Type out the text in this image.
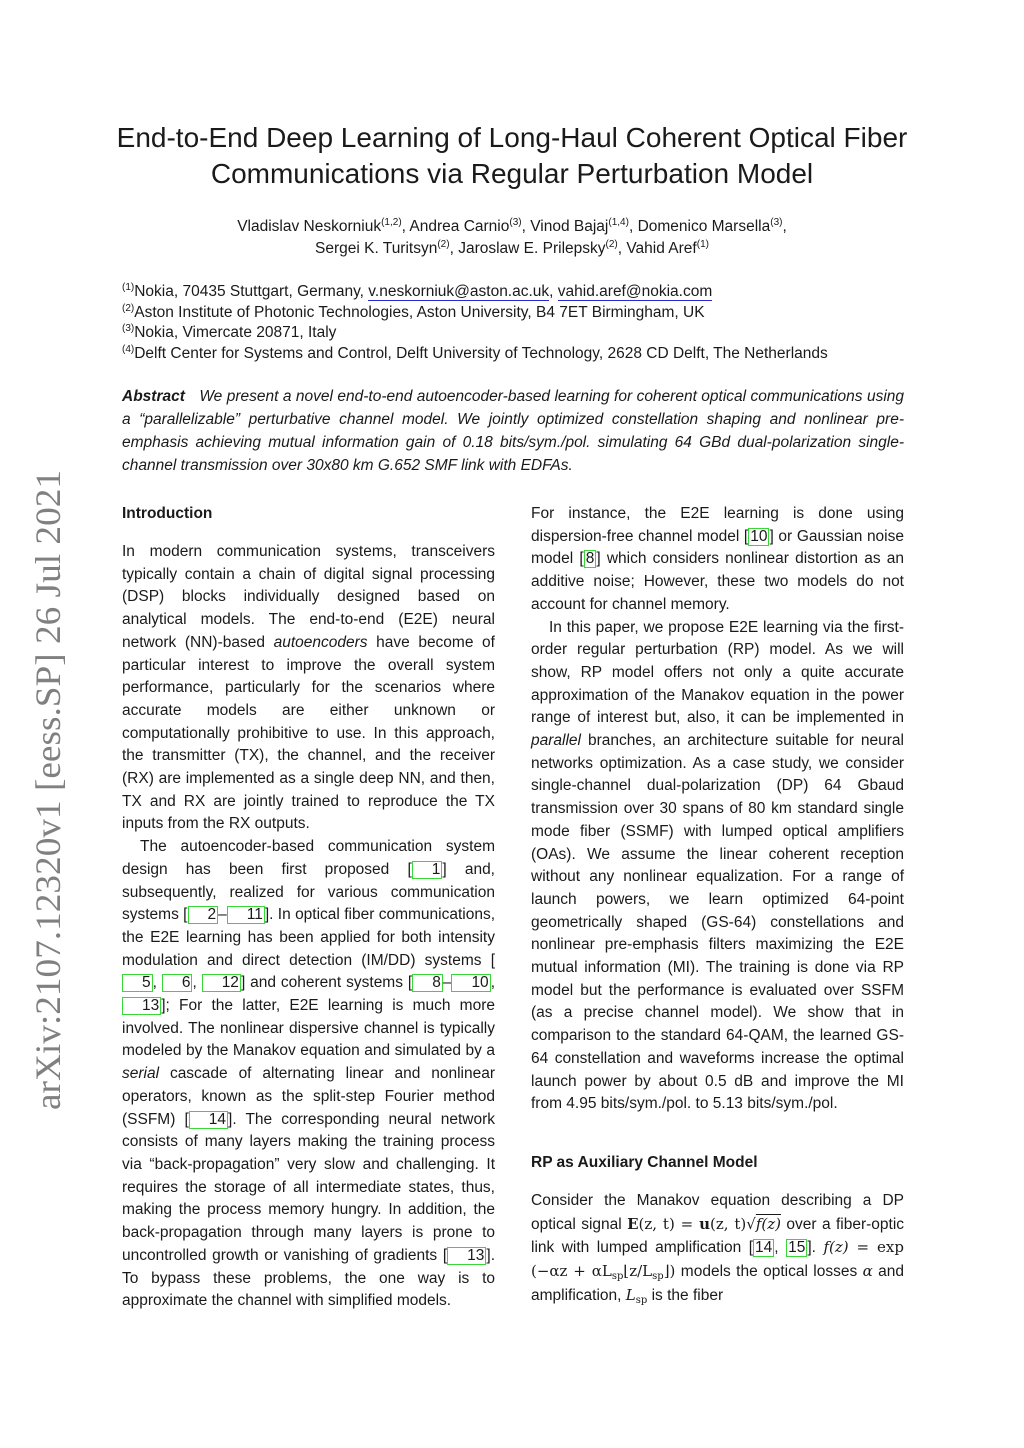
arXiv:2107.12320v1 [eess.SP] 26 Jul 2021
End-to-End Deep Learning of Long-Haul Coherent Optical Fiber
Communications via Regular Perturbation Model
Vladislav Neskorniuk$^{(1,2)}$, Andrea Carnio$^{(3)}$, Vinod Bajaj$^{(1,4)}$, Domenico Marsella$^{(3)}$,
Sergei K. Turitsyn$^{(2)}$, Jaroslaw E. Prilepsky$^{(2)}$, Vahid Aref$^{(1)}$
$^{(1)}$Nokia, 70435 Stuttgart, Germany, v.neskorniuk@aston.ac.uk, vahid.aref@nokia.com
$^{(2)}$Aston Institute of Photonic Technologies, Aston University, B4 7ET Birmingham, UK
$^{(3)}$Nokia, Vimercate 20871, Italy
$^{(4)}$Delft Center for Systems and Control, Delft University of Technology, 2628 CD Delft, The Netherlands
Abstract We present a novel end-to-end autoencoder-based learning for coherent optical communications using a “parallelizable” perturbative channel model. We jointly optimized constellation shaping and nonlinear pre-emphasis achieving mutual information gain of 0.18 bits/sym./pol. simulating 64 GBd dual-polarization single-channel transmission over 30x80 km G.652 SMF link with EDFAs.
Introduction

In modern communication systems, transceivers typically contain a chain of digital signal processing (DSP) blocks individually designed based on analytical models. The end-to-end (E2E) neural network (NN)-based autoencoders have become of particular interest to improve the overall system performance, particularly for the scenarios where accurate models are either unknown or computationally prohibitive to use. In this approach, the transmitter (TX), the channel, and the receiver (RX) are implemented as a single deep NN, and then, TX and RX are jointly trained to reproduce the TX inputs from the RX outputs.

The autoencoder-based communication system design has been first proposed [ 1 ] and, subsequently, realized for various communication systems [ 2 – 11 ]. In optical fiber communications, the E2E learning has been applied for both intensity modulation and direct detection (IM/DD) systems [5 , 6 , 12 ] and coherent systems [ 8 – 10 , 13 ]; For the latter, E2E learning is much more involved. The nonlinear dispersive channel is typically modeled by the Manakov equation and simulated by a serial cascade of alternating linear and nonlinear operators, known as the split-step Fourier method (SSFM) [ 14 ]. The corresponding neural network consists of many layers making the training process via “back-propagation” very slow and challenging. It requires the storage of all intermediate states, thus, making the process memory hungry. In addition, the back-propagation through many layers is prone to uncontrolled growth or vanishing of gradients [ 13 ]. To bypass these problems, the one way is to approximate the channel with simplified models.

For instance, the E2E learning is done using dispersion-free channel model [ 10 ] or Gaussian noise model [ 8 ] which considers nonlinear distortion as an additive noise; However, these two models do not account for channel memory.

In this paper, we propose E2E learning via the first-order regular perturbation (RP) model. As we will show, RP model offers not only a quite accurate approximation of the Manakov equation in the power range of interest but, also, it can be implemented in parallel branches, an architecture suitable for neural networks optimization. As a case study, we consider single-channel dual-polarization (DP) 64 Gbaud transmission over 30 spans of 80 km standard single mode fiber (SSMF) with lumped optical amplifiers (OAs). We assume the linear coherent reception without any nonlinear equalization. For a range of launch powers, we learn optimized 64-point geometrically shaped (GS-64) constellations and nonlinear pre-emphasis filters maximizing the E2E mutual information (MI). The training is done via RP model but the performance is evaluated over SSFM (as a precise channel model). We show that in comparison to the standard 64-QAM, the learned GS-64 constellation and waveforms increase the optimal launch power by about 0.5 dB and improve the MI from 4.95 bits/sym./pol. to 5.13 bits/sym./pol.

RP as Auxiliary Channel Model

Consider the Manakov equation describing a DP optical signal E(z, t) = u(z, t)√f(z) over a fiber-optic link with lumped amplification [ 14 , 15 ]. $f(z) = \exp (-\alpha z + \alpha L_{sp}⌊z/L_{sp}⌋)$ models the optical losses α and amplification, $L_{sp}$ is the fiber
